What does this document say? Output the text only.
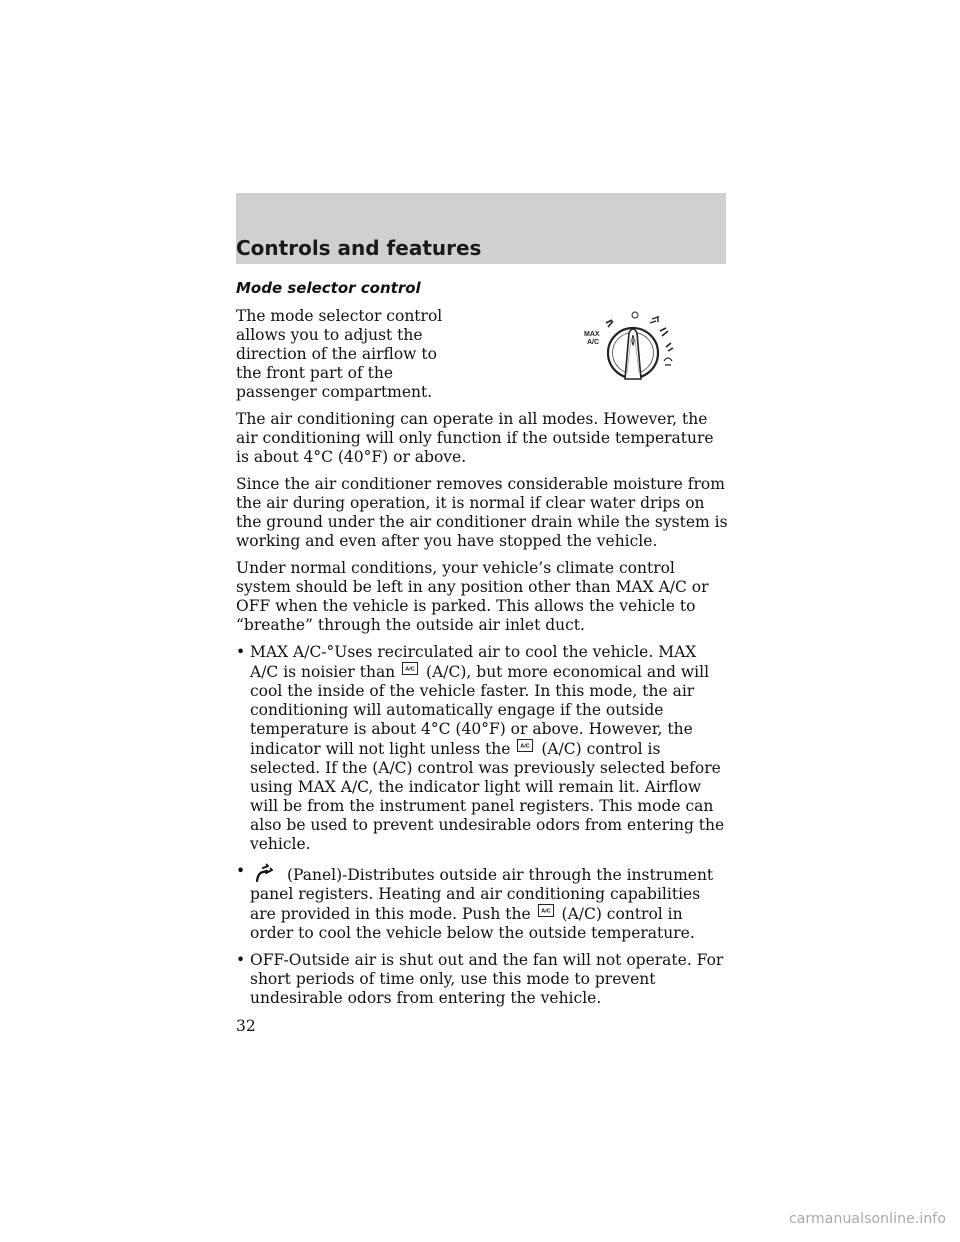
Controls and features
Mode selector control

The mode selector control allows you to adjust the direction of the airflow to the front part of the passenger compartment.

MAX
A/C

The air conditioning can operate in all modes. However, the air conditioning will only function if the outside temperature is about 4°C (40°F) or above.

Since the air conditioner removes considerable moisture from the air during operation, it is normal if clear water drips on the ground under the air conditioner drain while the system is working and even after you have stopped the vehicle.

Under normal conditions, your vehicle’s climate control system should be left in any position other than MAX A/C or OFF when the vehicle is parked. This allows the vehicle to “breathe” through the outside air inlet duct.

• MAX A/C-°Uses recirculated air to cool the vehicle. MAX A/C is noisier than A/C (A/C), but more economical and will cool the inside of the vehicle faster. In this mode, the air conditioning will automatically engage if the outside temperature is about 4°C (40°F) or above. However, the indicator will not light unless the A/C (A/C) control is selected. If the (A/C) control was previously selected before using MAX A/C, the indicator light will remain lit. Airflow will be from the instrument panel registers. This mode can also be used to prevent undesirable odors from entering the vehicle.
•	(Panel)-Distributes outside air through the instrument panel registers. Heating and air conditioning capabilities are provided in this mode. Push the A/C (A/C) control in order to cool the vehicle below the outside temperature.
• OFF-Outside air is shut out and the fan will not operate. For short periods of time only, use this mode to prevent undesirable odors from entering the vehicle.
32
carmanualsonline.info
